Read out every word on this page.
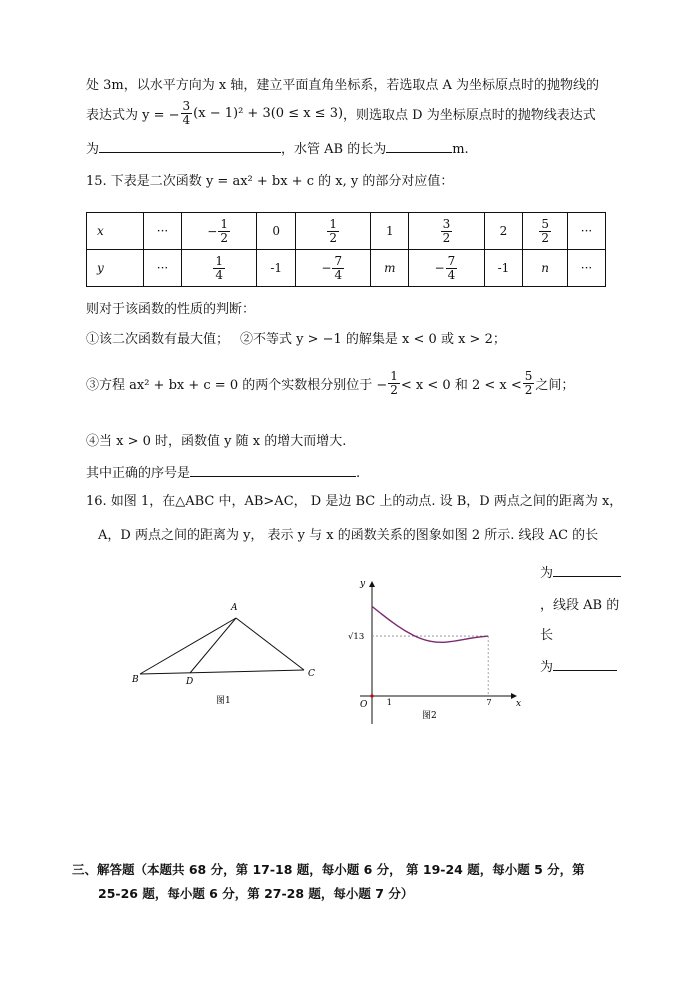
处 3m，以水平方向为 x 轴，建立平面直角坐标系，若选取点 A 为坐标原点时的抛物线的
表达式为 y = − $\frac{3}{4} (x - 1)^2 + 3(0 \le x \le 3)$ ，则选取点 D 为坐标原点时的抛物线表达式
为	，水管 AB 的长为	m.
15. 下表是二次函数 y = ax² + bx + c 的 x, y 的部分对应值：
x	···	− $\frac{1}{2}$	0	$\frac{1}{2}$	1	$\frac{3}{2}$	2	$\frac{5}{2}$	···
y	···	$\frac{1}{4}$	-1	− $\frac{7}{4}$	m	− $\frac{7}{4}$	-1	n	···
则对于该函数的性质的判断：
①该二次函数有最大值； ②不等式 y > −1 的解集是 x < 0 或 x > 2；
③方程 ax² + bx + c = 0 的两个实数根分别位于 − $\frac{1}{2} < x < 0$ 和 $2 < x < \frac{5}{2}$ 之间；
④当 x > 0 时，函数值 y 随 x 的增大而增大.
其中正确的序号是	.
16. 如图 1，在△ABC 中，AB>AC， D 是边 BC 上的动点. 设 B，D 两点之间的距离为 x，
A，D 两点之间的距离为 y， 表示 y 与 x 的函数关系的图象如图 2 所示. 线段 AC 的长
为
，线段 AB 的
长
为
A
B
C
D
图1
y
x
O
√13
1	7
图2
三、解答题（本题共 68 分，第 17-18 题，每小题 6 分， 第 19-24 题，每小题 5 分，第
25-26 题，每小题 6 分，第 27-28 题，每小题 7 分）
